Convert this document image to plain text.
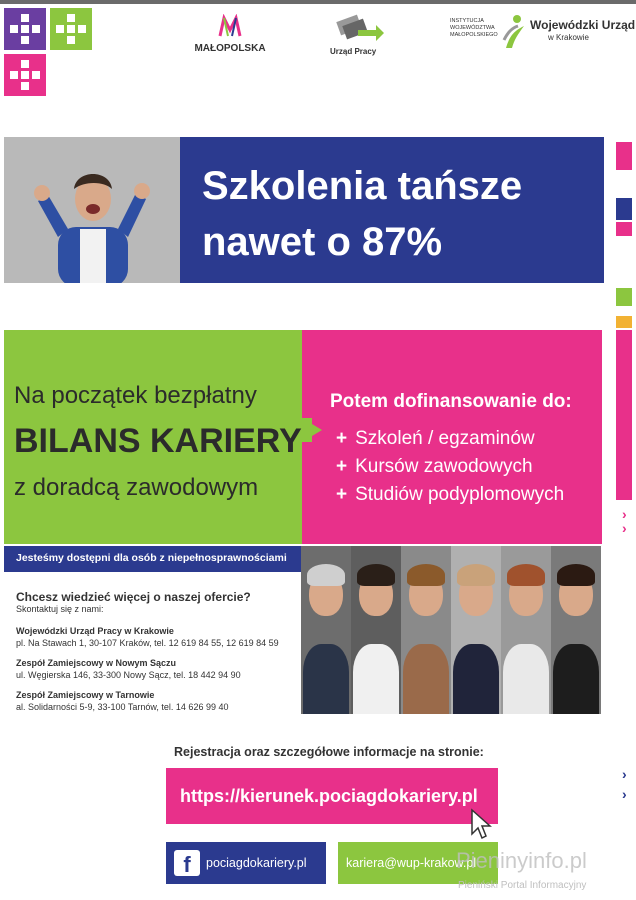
MAŁOPOLSKA	Urząd Pracy
INSTYTUCJA
WOJEWÓDZTWA
MAŁOPOLSKIEGO
Wojewódzki Urząd
w Krakowie
Szkolenia tańsze
nawet o 87%
Na początek bezpłatny
BILANS KARIERY
z doradcą zawodowym
Potem dofinansowanie do:
+ Szkoleń / egzaminów
+ Kursów zawodowych
+ Studiów podyplomowych
Jesteśmy dostępni dla osób z niepełnosprawnościami
Chcesz wiedzieć więcej o naszej ofercie?
Skontaktuj się z nami:
Wojewódzki Urząd Pracy w Krakowie
pl. Na Stawach 1, 30-107 Kraków, tel. 12 619 84 55, 12 619 84 59
Zespół Zamiejscowy w Nowym Sączu
ul. Węgierska 146, 33-300 Nowy Sącz, tel. 18 442 94 90
Zespół Zamiejscowy w Tarnowie
al. Solidarności 5-9, 33-100 Tarnów, tel. 14 626 99 40
Rejestracja oraz szczegółowe informacje na stronie:
https://kierunek.pociagdokariery.pl
f	pociagdokariery.pl	kariera@wup-krakow.pl
Pieninyinfo.pl
Pieniński Portal Informacyjny
›
›
›
›
